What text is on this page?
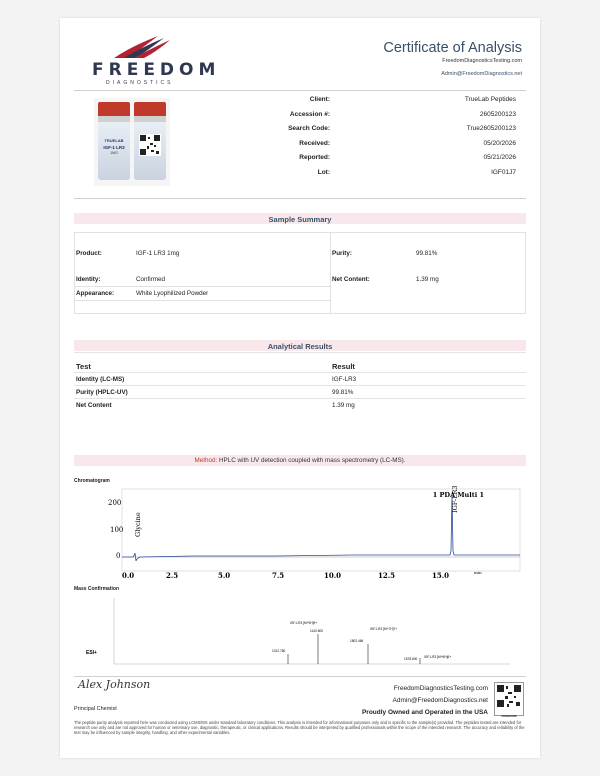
FREEDOM
DIAGNOSTICS
Certificate of Analysis
FreedomDiagnosticsTesting.com
Admin@FreedomDiagnostics.net
TRUELAB
IGF-1 LR3
1MG
Client:	TrueLab Peptides
Accession #:	2605200123
Search Code:	True2605200123
Received:	05/20/2026
Reported:	05/21/2026
Lot:	IGF01J7
Sample Summary
Product:	IGF-1 LR3 1mg
Identity:	Confirmed
Appearance:	White Lyophilized Powder
Purity:	99.81%
Net Content:	1.39 mg
Analytical Results
Test	Result
Identity (LC-MS)	IGF-LR3
Purity (HPLC-UV)	99.81%
Net Content	1.39 mg
Method: HPLC with UV detection coupled with mass spectrometry (LC-MS).
Chromatogram
200
100
0
0.0	2.5	5.0	7.5	10.0	12.5	15.0	min
1 PDA Multi 1
Glycine
IGF-LR3
Mass Confirmation
ESI+
IGF-LR3 [M+9H]9+
1140.600
1012.780
IGF-LR3 [M+7H]7+
1802.466
IGF-LR3 [M+6H]6+
1578.600
Alex Johnson
Principal Chemist
FreedomDiagnosticsTesting.com
Admin@FreedomDiagnostics.net
Proudly Owned and Operated in the USA	FREEDOM
The peptide purity analysis reported here was conducted using LCMS/MS under standard laboratory conditions. This analysis is intended for informational purposes only and is specific to the sample(s) provided. The peptides tested are intended for research use only and are not approved for human or veterinary use, diagnostic, therapeutic, or clinical applications. Results should be interpreted by qualified professionals within the scope of the intended research. The accuracy and reliability of the test may be influenced by sample integrity, handling, and other experimental variables.
